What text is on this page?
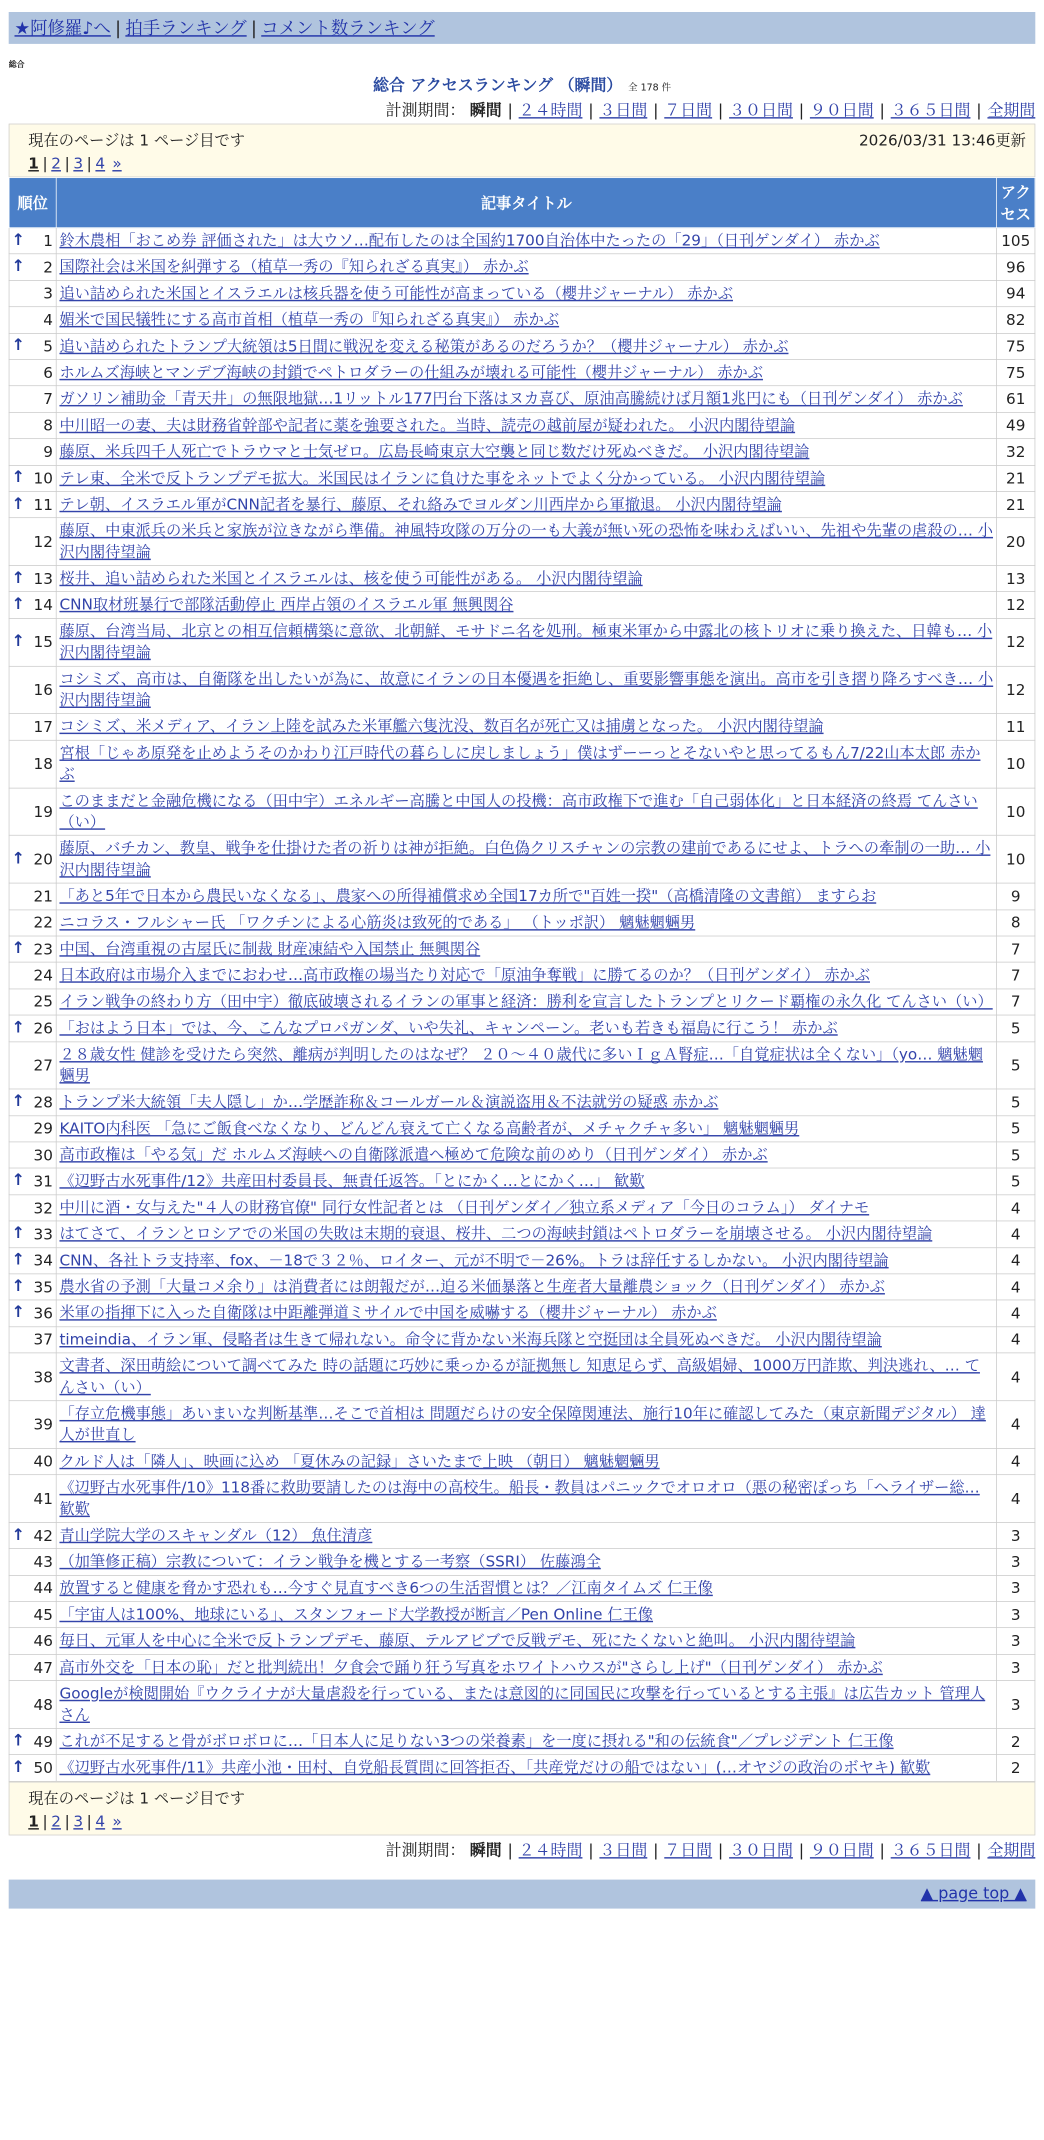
★阿修羅♪へ | 拍手ランキング | コメント数ランキング
総合
総合 アクセスランキング （瞬間） 全 178 件
計測期間： 瞬間 | ２４時間 | ３日間 | ７日間 | ３０日間 | ９０日間 | ３６５日間 | 全期間
現在のページは 1 ページ目です	2026/03/31 13:46更新
1 | 2 | 3 | 4 »
順位	記事タイトル	アクセス

↑ 1	鈴木農相「おこめ券 評価された」は大ウソ…配布したのは全国約1700自治体中たったの「29」（日刊ゲンダイ） 赤かぶ	105

↑ 2	国際社会は米国を糾弾する（植草一秀の『知られざる真実』） 赤かぶ	96
3	追い詰められた米国とイスラエルは核兵器を使う可能性が高まっている（櫻井ジャーナル） 赤かぶ	94
4	媚米で国民犠牲にする高市首相（植草一秀の『知られざる真実』） 赤かぶ	82

↑ 5	追い詰められたトランプ大統領は5日間に戦況を変える秘策があるのだろうか？（櫻井ジャーナル） 赤かぶ	75
6	ホルムズ海峡とマンデブ海峡の封鎖でペトロダラーの仕組みが壊れる可能性（櫻井ジャーナル） 赤かぶ	75
7	ガソリン補助金「青天井」の無限地獄…1リットル177円台下落はヌカ喜び、原油高騰続けば月額1兆円にも（日刊ゲンダイ） 赤かぶ	61
8	中川昭一の妻、夫は財務省幹部や記者に薬を強要された。当時、読売の越前屋が疑われた。 小沢内閣待望論	49
9	藤原、米兵四千人死亡でトラウマと士気ゼロ。広島長崎東京大空襲と同じ数だけ死ぬべきだ。 小沢内閣待望論	32

↑ 10	テレ東、全米で反トランプデモ拡大。米国民はイランに負けた事をネットでよく分かっている。 小沢内閣待望論	21

↑ 11	テレ朝、イスラエル軍がCNN記者を暴行、藤原、それ絡みでヨルダン川西岸から軍撤退。 小沢内閣待望論	21
12	藤原、中東派兵の米兵と家族が泣きながら準備。神風特攻隊の万分の一も大義が無い死の恐怖を味わえばいい、先祖や先輩の虐殺の… 小沢内閣待望論	20

↑ 13	桜井、追い詰められた米国とイスラエルは、核を使う可能性がある。 小沢内閣待望論	13

↑ 14	CNN取材班暴行で部隊活動停止 西岸占領のイスラエル軍 無興関谷	12

↑ 15	藤原、台湾当局、北京との相互信頼構築に意欲、北朝鮮、モサドニ名を処刑。極東米軍から中露北の核トリオに乗り換えた、日韓も… 小沢内閣待望論	12
16	コシミズ、高市は、自衛隊を出したいが為に、故意にイランの日本優遇を拒絶し、重要影響事態を演出。高市を引き摺り降ろすべき… 小沢内閣待望論	12
17	コシミズ、米メディア、イラン上陸を試みた米軍艦六隻沈没、数百名が死亡又は捕虜となった。 小沢内閣待望論	11
18	宮根「じゃあ原発を止めようそのかわり江戸時代の暮らしに戻しましょう」僕はずーーっとそないやと思ってるもん7/22山本太郎 赤かぶ	10
19	このままだと金融危機になる（田中宇）エネルギー高騰と中国人の投機：高市政権下で進む「自己弱体化」と日本経済の終焉 てんさい（い）	10

↑ 20	藤原、バチカン、教皇、戦争を仕掛けた者の祈りは神が拒絶。白色偽クリスチャンの宗教の建前であるにせよ、トラへの牽制の一助… 小沢内閣待望論	10
21	「あと5年で日本から農民いなくなる」、農家への所得補償求め全国17カ所で"百姓一揆"（高橋清隆の文書館） ますらお	9
22	ニコラス・フルシャー氏 「ワクチンによる心筋炎は致死的である」 （トッポ訳） 魑魅魍魎男	8

↑ 23	中国、台湾重視の古屋氏に制裁 財産凍結や入国禁止 無興関谷	7
24	日本政府は市場介入までにおわせ…高市政権の場当たり対応で「原油争奪戦」に勝てるのか？（日刊ゲンダイ） 赤かぶ	7
25	イラン戦争の終わり方（田中宇）徹底破壊されるイランの軍事と経済：勝利を宣言したトランプとリクード覇権の永久化 てんさい（い）	7

↑ 26	「おはよう日本」では、今、こんなプロパガンダ、いや失礼、キャンペーン。老いも若きも福島に行こう！ 赤かぶ	5
27	２８歳女性 健診を受けたら突然、離病が判明したのはなぜ？ ２０～４０歳代に多いＩｇＡ腎症…「自覚症状は全くない」（yo… 魑魅魍魎男	5

↑ 28	トランプ米大統領「夫人隠し」か…学歴詐称＆コールガール＆演説盗用＆不法就労の疑惑 赤かぶ	5
29	KAITO内科医 「急にご飯食べなくなり、どんどん衰えて亡くなる高齢者が、メチャクチャ多い」 魑魅魍魎男	5
30	高市政権は「やる気」だ ホルムズ海峡への自衛隊派遣へ極めて危険な前のめり（日刊ゲンダイ） 赤かぶ	5

↑ 31	《辺野古水死事件/12》共産田村委員長、無責任返答。「とにかく…とにかく…」 歓歎	5
32	中川に酒・女与えた"４人の財務官僚" 同行女性記者とは （日刊ゲンダイ／独立系メディア「今日のコラム」） ダイナモ	4

↑ 33	はてさて、イランとロシアでの米国の失敗は末期的衰退、桜井、二つの海峡封鎖はペトロダラーを崩壊させる。 小沢内閣待望論	4

↑ 34	CNN、各社トラ支持率、fox、－18で３２％、ロイター、元が不明で－26%。トラは辞任するしかない。 小沢内閣待望論	4

↑ 35	農水省の予測「大量コメ余り」は消費者には朗報だが…迫る米価暴落と生産者大量離農ショック（日刊ゲンダイ） 赤かぶ	4

↑ 36	米軍の指揮下に入った自衛隊は中距離弾道ミサイルで中国を威嚇する（櫻井ジャーナル） 赤かぶ	4
37	timeindia、イラン軍、侵略者は生きて帰れない。命令に背かない米海兵隊と空挺団は全員死ぬべきだ。 小沢内閣待望論	4
38	文書者、深田萌絵について調べてみた 時の話題に巧妙に乗っかるが証拠無し 知恵足らず、高級娼婦、1000万円詐欺、判決逃れ、… てんさい（い）	4
39	「存立危機事態」あいまいな判断基準…そこで首相は 問題だらけの安全保障関連法、施行10年に確認してみた（東京新聞デジタル） 達人が世直し	4
40	クルド人は「隣人」、映画に込め 「夏休みの記録」さいたまで上映 （朝日） 魑魅魍魎男	4
41	《辺野古水死事件/10》118番に救助要請したのは海中の高校生。船長・教員はパニックでオロオロ（悪の秘密ぽっち「ヘライザー総… 歓歎	4

↑ 42	青山学院大学のスキャンダル（12） 魚住清彦	3
43	（加筆修正稿）宗教について：イラン戦争を機とする一考察（SSRI） 佐藤鴻全	3
44	放置すると健康を脅かす恐れも…今すぐ見直すべき6つの生活習慣とは？／江南タイムズ 仁王像	3
45	「宇宙人は100%、地球にいる」、スタンフォード大学教授が断言／Pen Online 仁王像	3
46	毎日、元軍人を中心に全米で反トランプデモ、藤原、テルアビブで反戦デモ、死にたくないと絶叫。 小沢内閣待望論	3
47	高市外交を「日本の恥」だと批判続出！夕食会で踊り狂う写真をホワイトハウスが"さらし上げ"（日刊ゲンダイ） 赤かぶ	3
48	Googleが検閲開始『ウクライナが大量虐殺を行っている、または意図的に同国民に攻撃を行っているとする主張』は広告カット 管理人さん	3

↑ 49	これが不足すると骨がボロボロに…「日本人に足りない3つの栄養素」を一度に摂れる"和の伝統食"／プレジデント 仁王像	2

↑ 50	《辺野古水死事件/11》共産小池・田村、自党船長質問に回答拒否、「共産党だけの船ではない」(…オヤジの政治のボヤキ) 歓歎	2
現在のページは 1 ページ目です
1 | 2 | 3 | 4 »
計測期間： 瞬間 | ２４時間 | ３日間 | ７日間 | ３０日間 | ９０日間 | ３６５日間 | 全期間
▲ page top ▲
